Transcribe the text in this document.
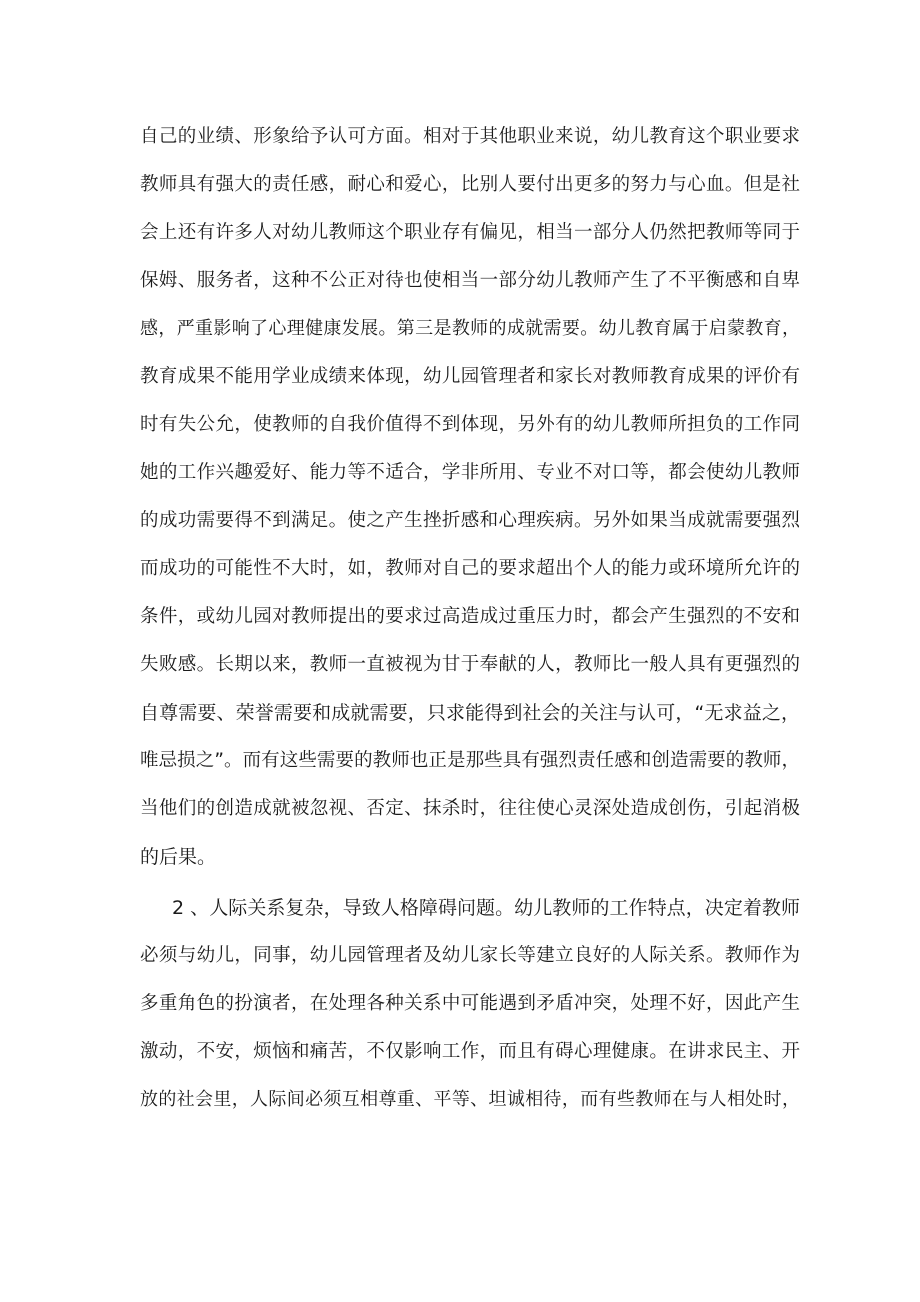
自己的业绩、形象给予认可方面。相对于其他职业来说，幼儿教育这个职业要求
教师具有强大的责任感，耐心和爱心，比别人要付出更多的努力与心血。但是社
会上还有许多人对幼儿教师这个职业存有偏见，相当一部分人仍然把教师等同于
保姆、服务者，这种不公正对待也使相当一部分幼儿教师产生了不平衡感和自卑
感，严重影响了心理健康发展。第三是教师的成就需要。幼儿教育属于启蒙教育，
教育成果不能用学业成绩来体现，幼儿园管理者和家长对教师教育成果的评价有
时有失公允，使教师的自我价值得不到体现，另外有的幼儿教师所担负的工作同
她的工作兴趣爱好、能力等不适合，学非所用、专业不对口等，都会使幼儿教师
的成功需要得不到满足。使之产生挫折感和心理疾病。另外如果当成就需要强烈
而成功的可能性不大时，如，教师对自己的要求超出个人的能力或环境所允许的
条件，或幼儿园对教师提出的要求过高造成过重压力时，都会产生强烈的不安和
失败感。长期以来，教师一直被视为甘于奉献的人，教师比一般人具有更强烈的
自尊需要、荣誉需要和成就需要，只求能得到社会的关注与认可，“无求益之，
唯忌损之”。而有这些需要的教师也正是那些具有强烈责任感和创造需要的教师，
当他们的创造成就被忽视、否定、抹杀时，往往使心灵深处造成创伤，引起消极
的后果。
2 、人际关系复杂，导致人格障碍问题。幼儿教师的工作特点，决定着教师
必须与幼儿，同事，幼儿园管理者及幼儿家长等建立良好的人际关系。教师作为
多重角色的扮演者，在处理各种关系中可能遇到矛盾冲突，处理不好，因此产生
激动，不安，烦恼和痛苦，不仅影响工作，而且有碍心理健康。在讲求民主、开
放的社会里，人际间必须互相尊重、平等、坦诚相待，而有些教师在与人相处时，
